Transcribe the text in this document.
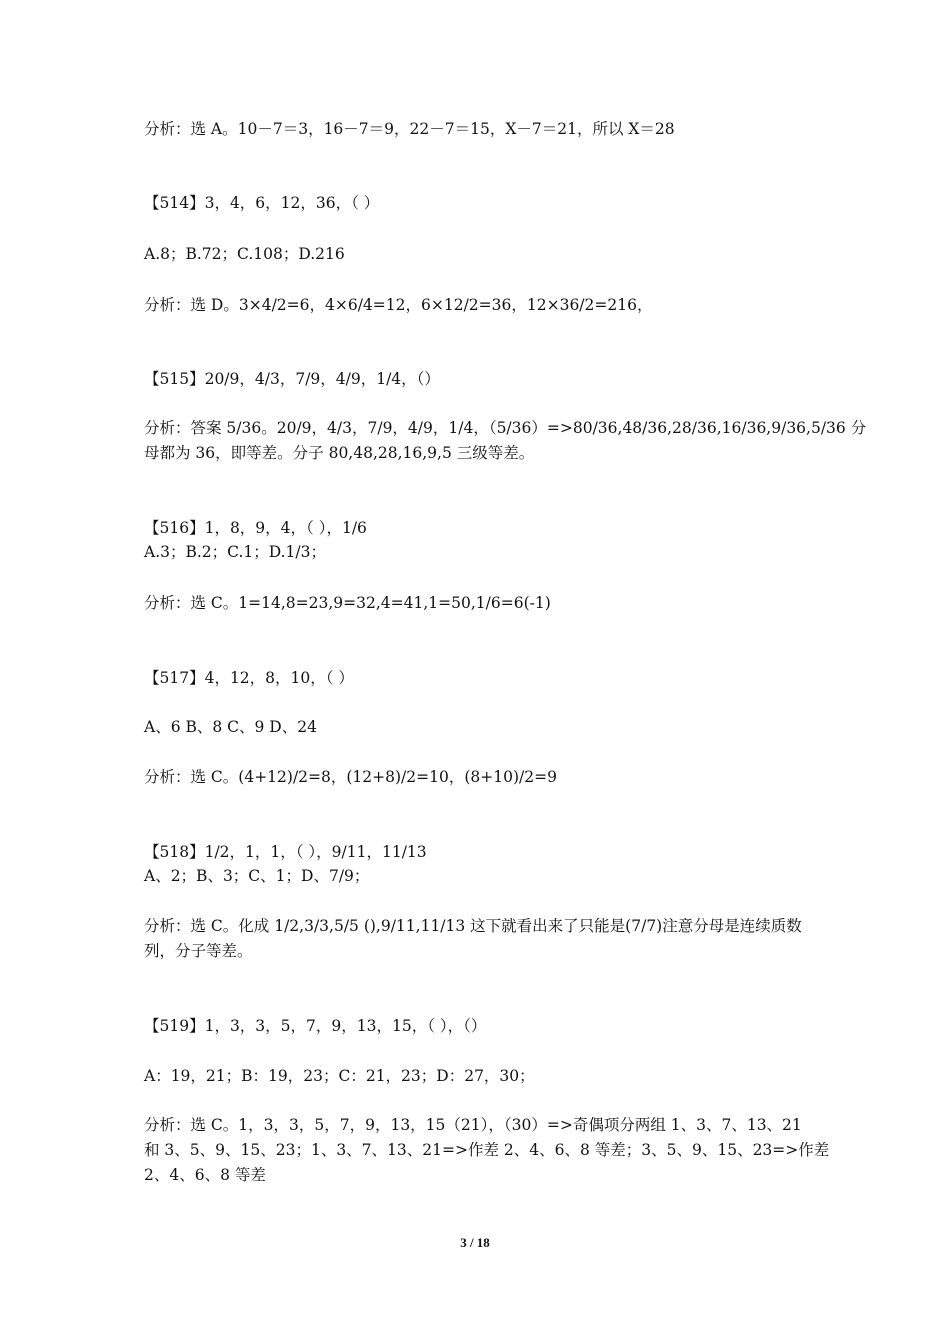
分析：选 A。10－7＝3，16－7＝9，22－7＝15，X－7＝21，所以 X＝28

【514】3，4，6，12，36，（ ）

A.8；B.72；C.108；D.216

分析：选 D。3×4/2=6，4×6/4=12，6×12/2=36，12×36/2=216，

【515】20/9，4/3，7/9，4/9，1/4，（）

分析：答案 5/36。20/9，4/3，7/9，4/9，1/4，（5/36）=>80/36,48/36,28/36,16/36,9/36,5/36 分

母都为 36，即等差。分子 80,48,28,16,9,5 三级等差。

【516】1，8，9，4，（ ），1/6

A.3；B.2；C.1；D.1/3；

分析：选 C。1=14,8=23,9=32,4=41,1=50,1/6=6(-1)

【517】4，12，8，10，（ ）

A、6 B、8 C、9 D、24

分析：选 C。(4+12)/2=8，(12+8)/2=10，(8+10)/2=9

【518】1/2，1，1，（ ），9/11，11/13

A、2；B、3；C、1；D、7/9；

分析：选 C。化成 1/2,3/3,5/5 (),9/11,11/13 这下就看出来了只能是(7/7)注意分母是连续质数

列，分子等差。

【519】1，3，3，5，7，9，13，15，（ ），（）

A：19，21；B：19，23；C：21，23；D：27，30；

分析：选 C。1，3，3，5，7，9，13，15（21），（30）=>奇偶项分两组 1、3、7、13、21

和 3、5、9、15、23；1、3、7、13、21=>作差 2、4、6、8 等差；3、5、9、15、23=>作差

2、4、6、8 等差

3 / 18
